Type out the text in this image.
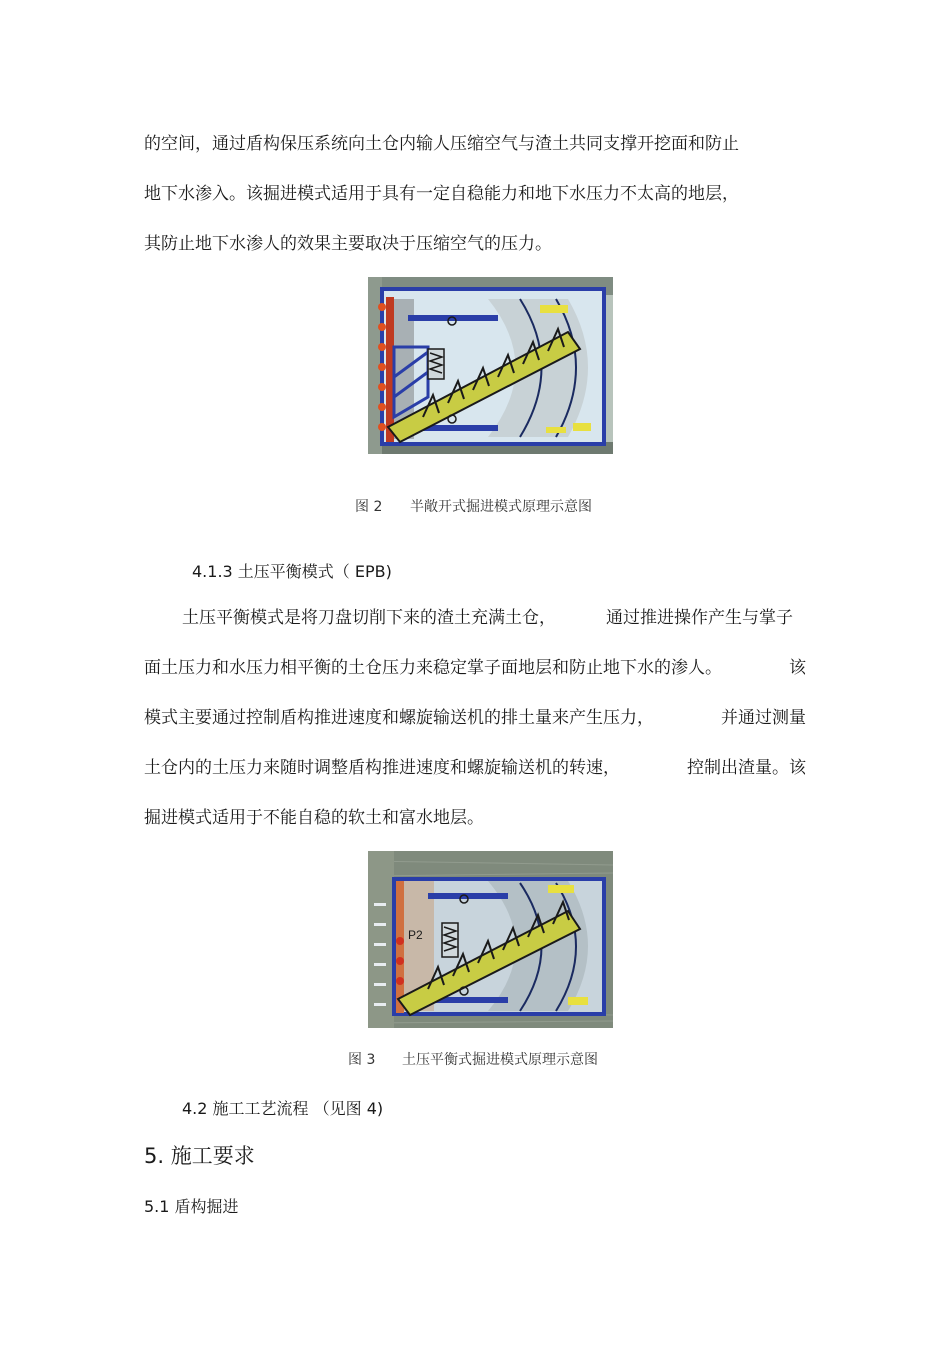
的空间，通过盾构保压系统向土仓内输人压缩空气与渣土共同支撑开挖面和防止
地下水渗入。该掘进模式适用于具有一定自稳能力和地下水压力不太高的地层，
其防止地下水渗人的效果主要取决于压缩空气的压力。
图 2 半敞开式掘进模式原理示意图
4.1.3 土压平衡模式（ EPB)
土压平衡模式是将刀盘切削下来的渣土充满土仓，	通过推进操作产生与掌子
面土压力和水压力相平衡的土仓压力来稳定掌子面地层和防止地下水的渗人。	该
模式主要通过控制盾构推进速度和螺旋输送机的排土量来产生压力，	并通过测量
土仓内的土压力来随时调整盾构推进速度和螺旋输送机的转速，	控制出渣量。该
掘进模式适用于不能自稳的软土和富水地层。
P2
图 3 土压平衡式掘进模式原理示意图
4.2 施工工艺流程 （见图 4)
5. 施工要求
5.1 盾构掘进
